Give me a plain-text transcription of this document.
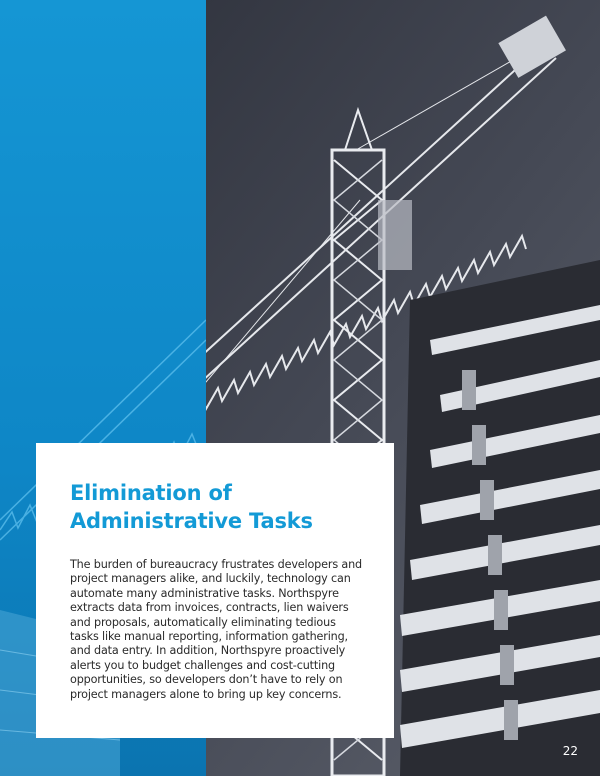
Elimination of
Administrative Tasks

The burden of bureaucracy frustrates developers and project managers alike, and luckily, technology can automate many administrative tasks. Northspyre extracts data from invoices, contracts, lien waivers and proposals, automatically eliminating tedious tasks like manual reporting, information gathering, and data entry. In addition, Northspyre proactively alerts you to budget challenges and cost-cutting opportunities, so developers don’t have to rely on project managers alone to bring up key concerns.

22
